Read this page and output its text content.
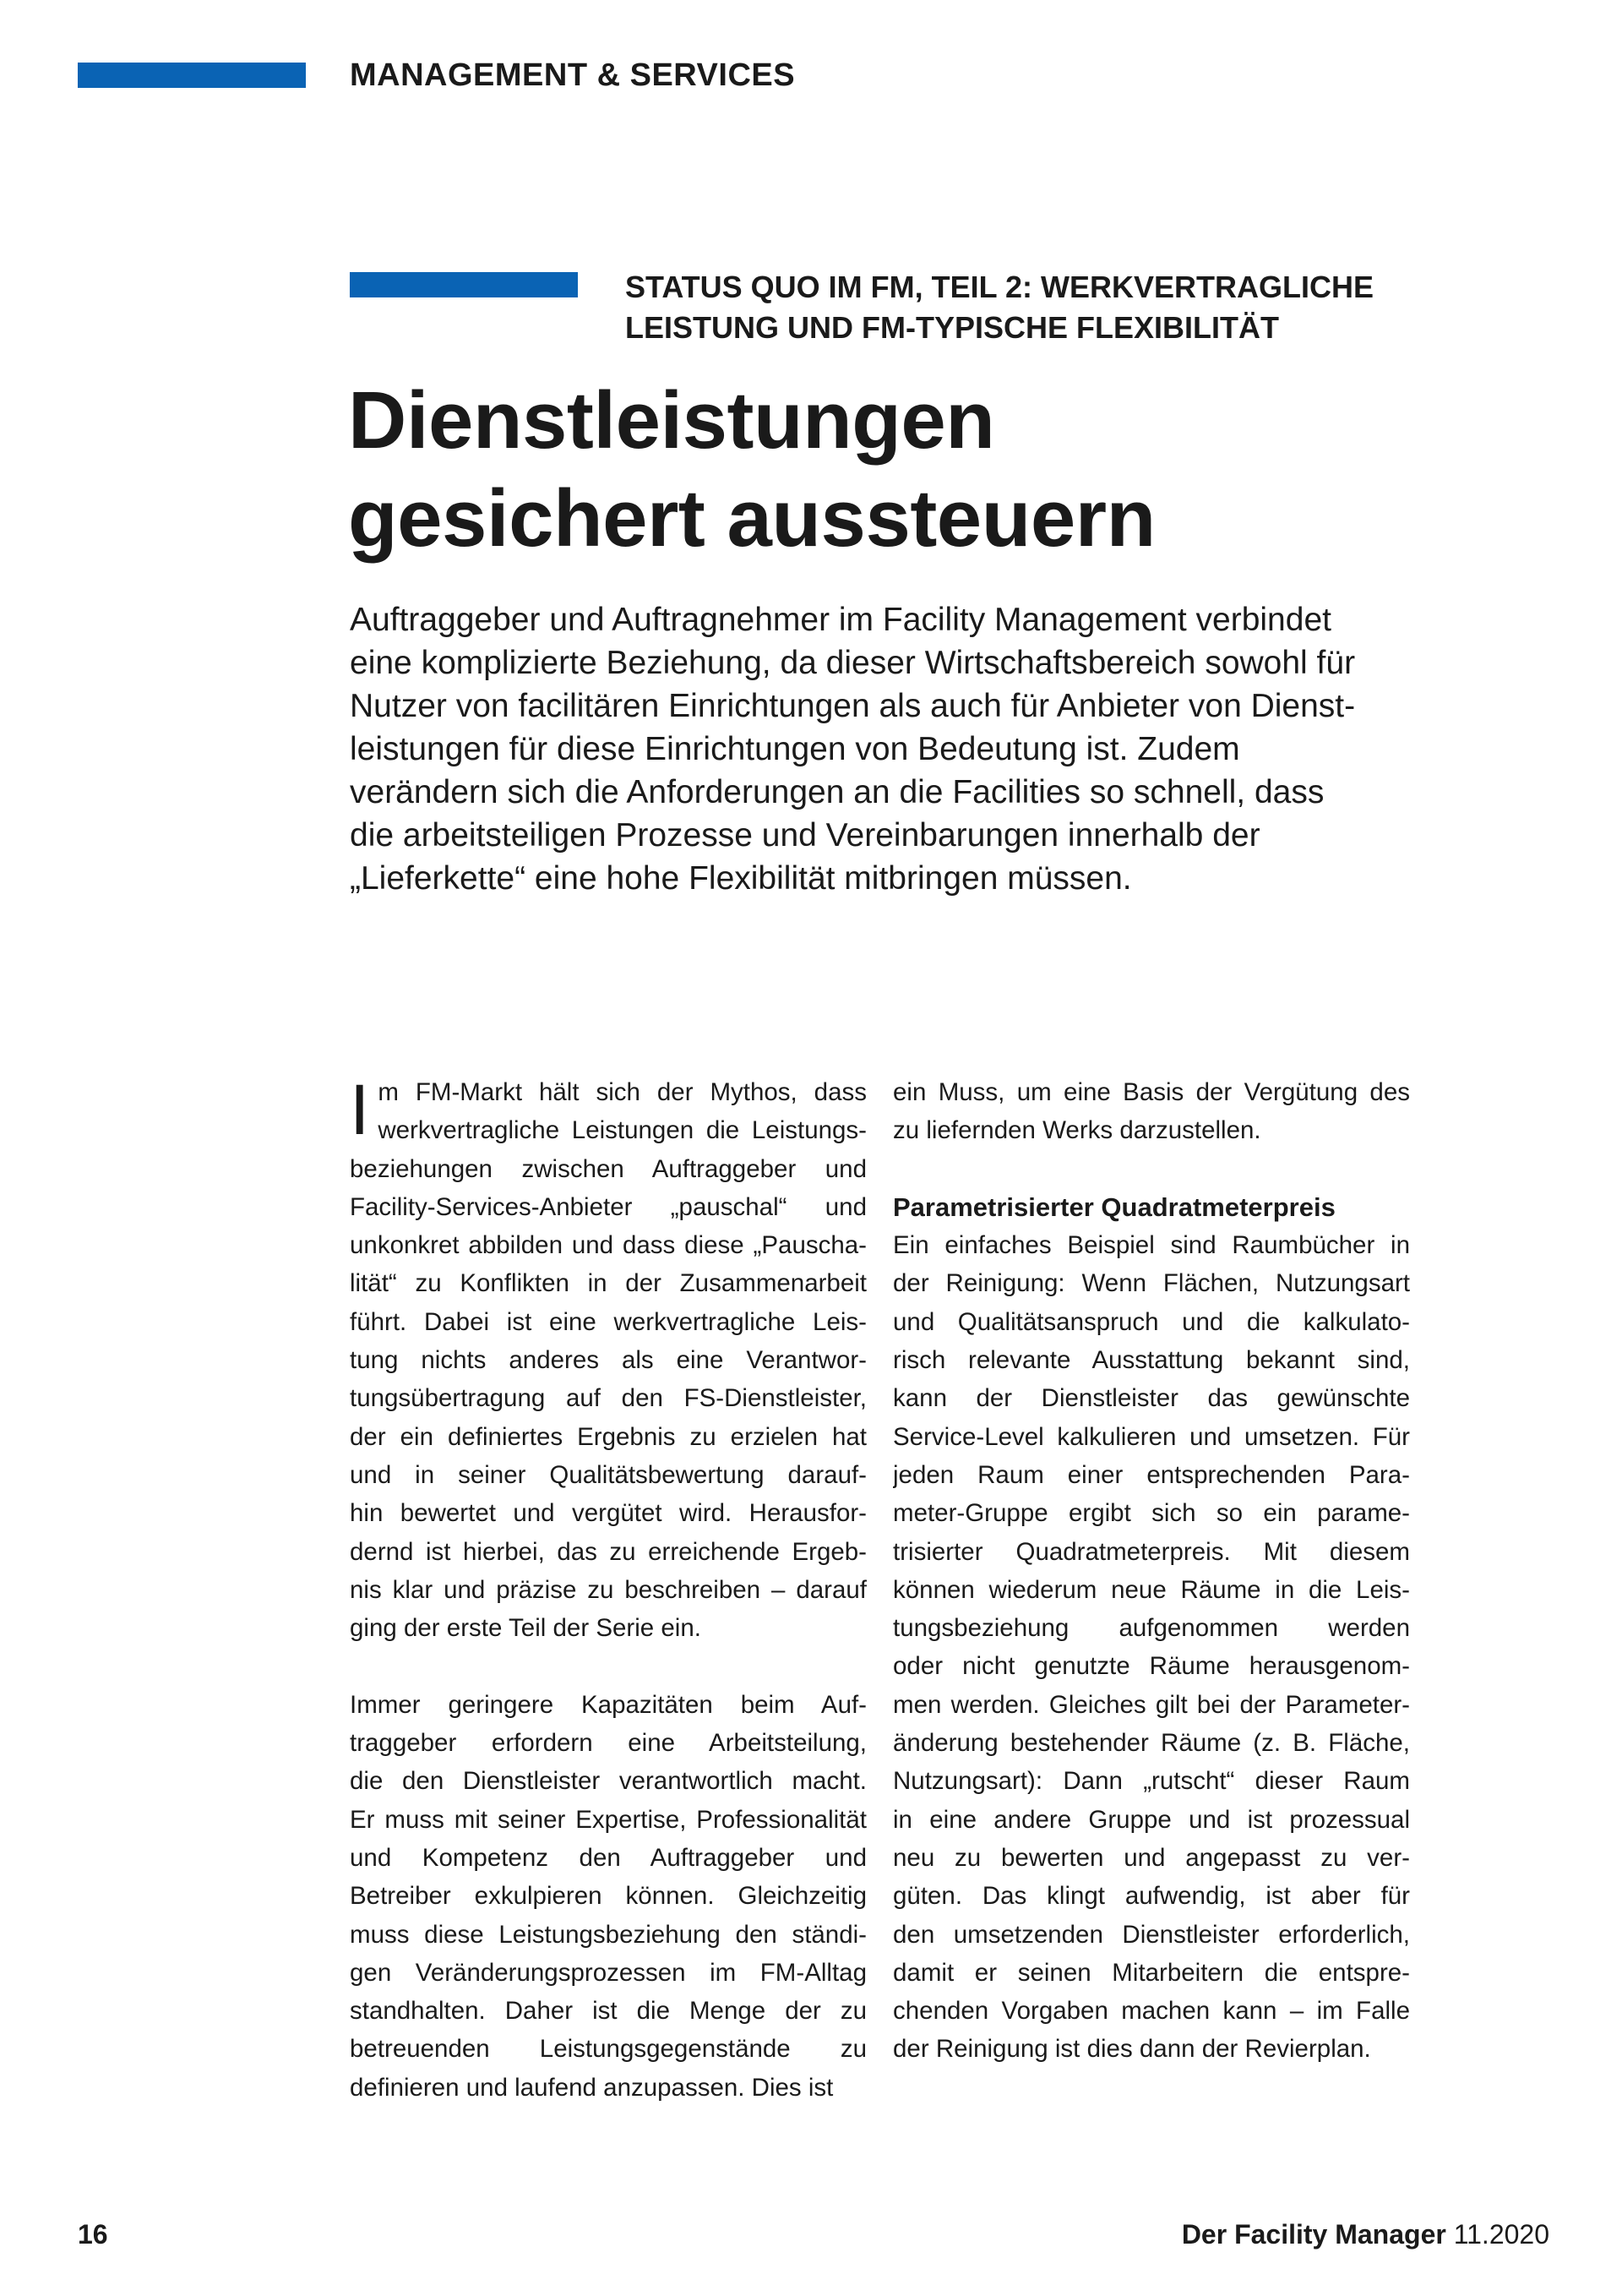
MANAGEMENT & SERVICES
STATUS QUO IM FM, TEIL 2: WERKVERTRAGLICHE
LEISTUNG UND FM-TYPISCHE FLEXIBILITÄT
Dienstleistungen
gesichert aussteuern
Auftraggeber und Auftragnehmer im Facility Management verbindet
eine komplizierte Beziehung, da dieser Wirtschaftsbereich sowohl für
Nutzer von facilitären Einrichtungen als auch für Anbieter von Dienst-
leistungen für diese Einrichtungen von Bedeutung ist. Zudem
verändern sich die Anforderungen an die Facilities so schnell, dass
die arbeitsteiligen Prozesse und Vereinbarungen innerhalb der
„Lieferkette“ eine hohe Flexibilität mitbringen müssen.
I m FM-Markt hält sich der Mythos, dass
werkvertragliche Leistungen die Leistungs-
beziehungen zwischen Auftraggeber und
Facility-Services-Anbieter „pauschal“ und
unkonkret abbilden und dass diese „Pauscha-
lität“ zu Konflikten in der Zusammenarbeit
führt. Dabei ist eine werkvertragliche Leis-
tung nichts anderes als eine Verantwor-
tungsübertragung auf den FS-Dienstleister,
der ein definiertes Ergebnis zu erzielen hat
und in seiner Qualitätsbewertung darauf-
hin bewertet und vergütet wird. Herausfor-
dernd ist hierbei, das zu erreichende Ergeb-
nis klar und präzise zu beschreiben – darauf
ging der erste Teil der Serie ein.
Immer geringere Kapazitäten beim Auf-
traggeber erfordern eine Arbeitsteilung,
die den Dienstleister verantwortlich macht.
Er muss mit seiner Expertise, Professionalität
und Kompetenz den Auftraggeber und
Betreiber exkulpieren können. Gleichzeitig
muss diese Leistungsbeziehung den ständi-
gen Veränderungsprozessen im FM-Alltag
standhalten. Daher ist die Menge der zu
betreuenden Leistungsgegenstände zu
definieren und laufend anzupassen. Dies ist
ein Muss, um eine Basis der Vergütung des
zu liefernden Werks darzustellen.
Parametrisierter Quadratmeterpreis
Ein einfaches Beispiel sind Raumbücher in
der Reinigung: Wenn Flächen, Nutzungsart
und Qualitätsanspruch und die kalkulato-
risch relevante Ausstattung bekannt sind,
kann der Dienstleister das gewünschte
Service-Level kalkulieren und umsetzen. Für
jeden Raum einer entsprechenden Para-
meter-Gruppe ergibt sich so ein parame-
trisierter Quadratmeterpreis. Mit diesem
können wiederum neue Räume in die Leis-
tungsbeziehung aufgenommen werden
oder nicht genutzte Räume herausgenom-
men werden. Gleiches gilt bei der Parameter-
änderung bestehender Räume (z. B. Fläche,
Nutzungsart): Dann „rutscht“ dieser Raum
in eine andere Gruppe und ist prozessual
neu zu bewerten und angepasst zu ver-
güten. Das klingt aufwendig, ist aber für
den umsetzenden Dienstleister erforderlich,
damit er seinen Mitarbeitern die entspre-
chenden Vorgaben machen kann – im Falle
der Reinigung ist dies dann der Revierplan.
16	Der Facility Manager 11.2020
